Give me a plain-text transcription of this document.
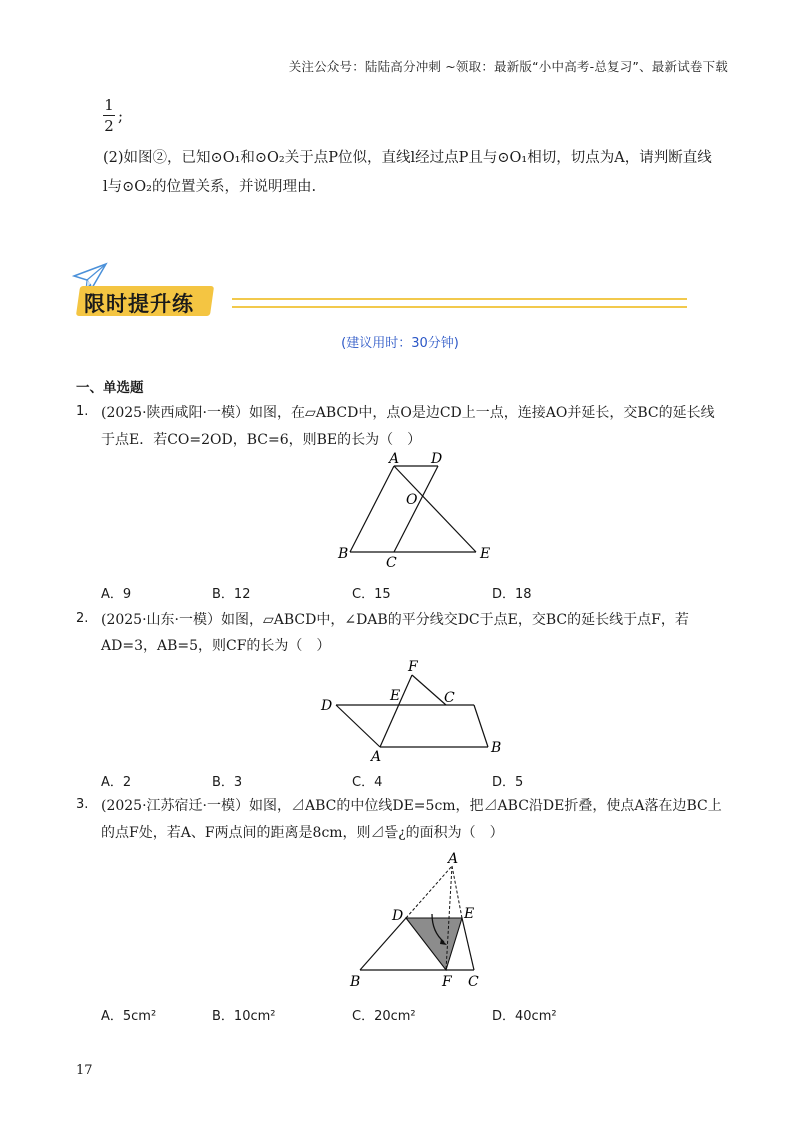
关注公众号：陆陆高分冲刺 ~领取：最新版“小中高考-总复习”、最新试卷下载
1
2
;
(2)如图②，已知⊙O₁和⊙O₂关于点P位似，直线l经过点P且与⊙O₁相切，切点为A，请判断直线
l与⊙O₂的位置关系，并说明理由.
限时提升练
(建议用时：30分钟)
一、单选题
1. (2025·陕西咸阳·一模）如图，在▱ABCD中，点O是边CD上一点，连接AO并延长，交BC的延长线
于点E．若CO=2OD，BC=6，则BE的长为（　）
A D
O
B
C
E
A．9	B．12	C．15	D．18
2. (2025·山东·一模）如图，▱ABCD中，∠DAB的平分线交DC于点E，交BC的延长线于点F，若
AD=3，AB=5，则CF的长为（　）
F
E	C
D
A
B
A．2	B．3	C．4	D．5
3. (2025·江苏宿迁·一模）如图，⊿ABC的中位线DE=5cm，把⊿ABC沿DE折叠，使点A落在边BC上
的点F处，若A、F两点间的距离是8cm，则⊿뜰¿的面积为（　）
A
D	E
B	F C
A．5cm²	B．10cm²	C．20cm²	D．40cm²
17
